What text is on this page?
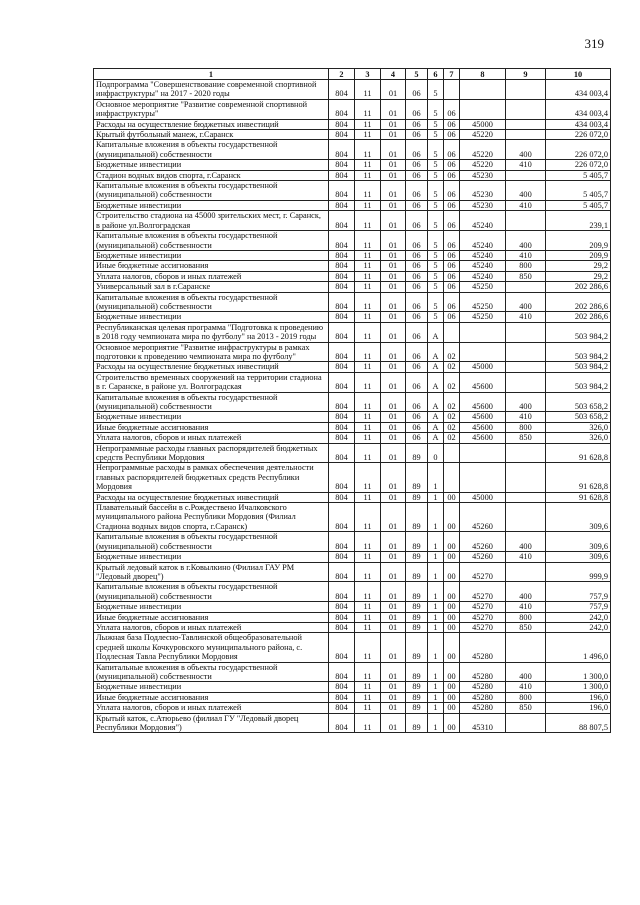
319
1	2	3	4	5	6	7	8	9	10
Подпрограмма "Совершенствование современной спортивной инфраструктуры" на 2017 - 2020 годы	804	11	01	06	5				434 003,4
Основное мероприятие "Развитие современной спортивной инфраструктуры"	804	11	01	06	5	06			434 003,4
Расходы на осуществление бюджетных инвестиций	804	11	01	06	5	06	45000		434 003,4
Крытый футбольный манеж, г.Саранск	804	11	01	06	5	06	45220		226 072,0
Капитальные вложения в объекты государственной (муниципальной) собственности	804	11	01	06	5	06	45220	400	226 072,0
Бюджетные инвестиции	804	11	01	06	5	06	45220	410	226 072,0
Стадион водных видов спорта, г.Саранск	804	11	01	06	5	06	45230		5 405,7
Капитальные вложения в объекты государственной (муниципальной) собственности	804	11	01	06	5	06	45230	400	5 405,7
Бюджетные инвестиции	804	11	01	06	5	06	45230	410	5 405,7
Строительство стадиона на 45000 зрительских мест, г. Саранск, в районе ул.Волгоградская	804	11	01	06	5	06	45240		239,1
Капитальные вложения в объекты государственной (муниципальной) собственности	804	11	01	06	5	06	45240	400	209,9
Бюджетные инвестиции	804	11	01	06	5	06	45240	410	209,9
Иные бюджетные ассигнования	804	11	01	06	5	06	45240	800	29,2
Уплата налогов, сборов и иных платежей	804	11	01	06	5	06	45240	850	29,2
Универсальный зал в г.Саранске	804	11	01	06	5	06	45250		202 286,6
Капитальные вложения в объекты государственной (муниципальной) собственности	804	11	01	06	5	06	45250	400	202 286,6
Бюджетные инвестиции	804	11	01	06	5	06	45250	410	202 286,6
Республиканская целевая программа "Подготовка к проведению в 2018 году чемпионата мира по футболу" на 2013 - 2019 годы	804	11	01	06	А				503 984,2
Основное мероприятие "Развитие инфраструктуры в рамках подготовки к проведению чемпионата мира по футболу"	804	11	01	06	А	02			503 984,2
Расходы на осуществление бюджетных инвестиций	804	11	01	06	А	02	45000		503 984,2
Строительство временных сооружений на территории стадиона в г. Саранске, в районе ул. Волгоградская	804	11	01	06	А	02	45600		503 984,2
Капитальные вложения в объекты государственной (муниципальной) собственности	804	11	01	06	А	02	45600	400	503 658,2
Бюджетные инвестиции	804	11	01	06	А	02	45600	410	503 658,2
Иные бюджетные ассигнования	804	11	01	06	А	02	45600	800	326,0
Уплата налогов, сборов и иных платежей	804	11	01	06	А	02	45600	850	326,0
Непрограммные расходы главных распорядителей бюджетных средств Республики Мордовия	804	11	01	89	0				91 628,8
Непрограммные расходы в рамках обеспечения деятельности главных распорядителей бюджетных средств Республики Мордовия	804	11	01	89	1				91 628,8
Расходы на осуществление бюджетных инвестиций	804	11	01	89	1	00	45000		91 628,8
Плавательный бассейн в с.Рождествено Ичалковского муниципального района Республики Мордовия (Филиал Стадиона водных видов спорта, г.Саранск)	804	11	01	89	1	00	45260		309,6
Капитальные вложения в объекты государственной (муниципальной) собственности	804	11	01	89	1	00	45260	400	309,6
Бюджетные инвестиции	804	11	01	89	1	00	45260	410	309,6
Крытый ледовый каток в г.Ковылкино (Филиал ГАУ РМ "Ледовый дворец")	804	11	01	89	1	00	45270		999,9
Капитальные вложения в объекты государственной (муниципальной) собственности	804	11	01	89	1	00	45270	400	757,9
Бюджетные инвестиции	804	11	01	89	1	00	45270	410	757,9
Иные бюджетные ассигнования	804	11	01	89	1	00	45270	800	242,0
Уплата налогов, сборов и иных платежей	804	11	01	89	1	00	45270	850	242,0
Лыжная база Подлесно-Тавлинской общеобразовательной средней школы Кочкуровского муниципального района, с. Подлесная Тавла Республики Мордовия	804	11	01	89	1	00	45280		1 496,0
Капитальные вложения в объекты государственной (муниципальной) собственности	804	11	01	89	1	00	45280	400	1 300,0
Бюджетные инвестиции	804	11	01	89	1	00	45280	410	1 300,0
Иные бюджетные ассигнования	804	11	01	89	1	00	45280	800	196,0
Уплата налогов, сборов и иных платежей	804	11	01	89	1	00	45280	850	196,0
Крытый каток, с.Атюрьево (филиал ГУ "Ледовый дворец Республики Мордовия")	804	11	01	89	1	00	45310		88 807,5
